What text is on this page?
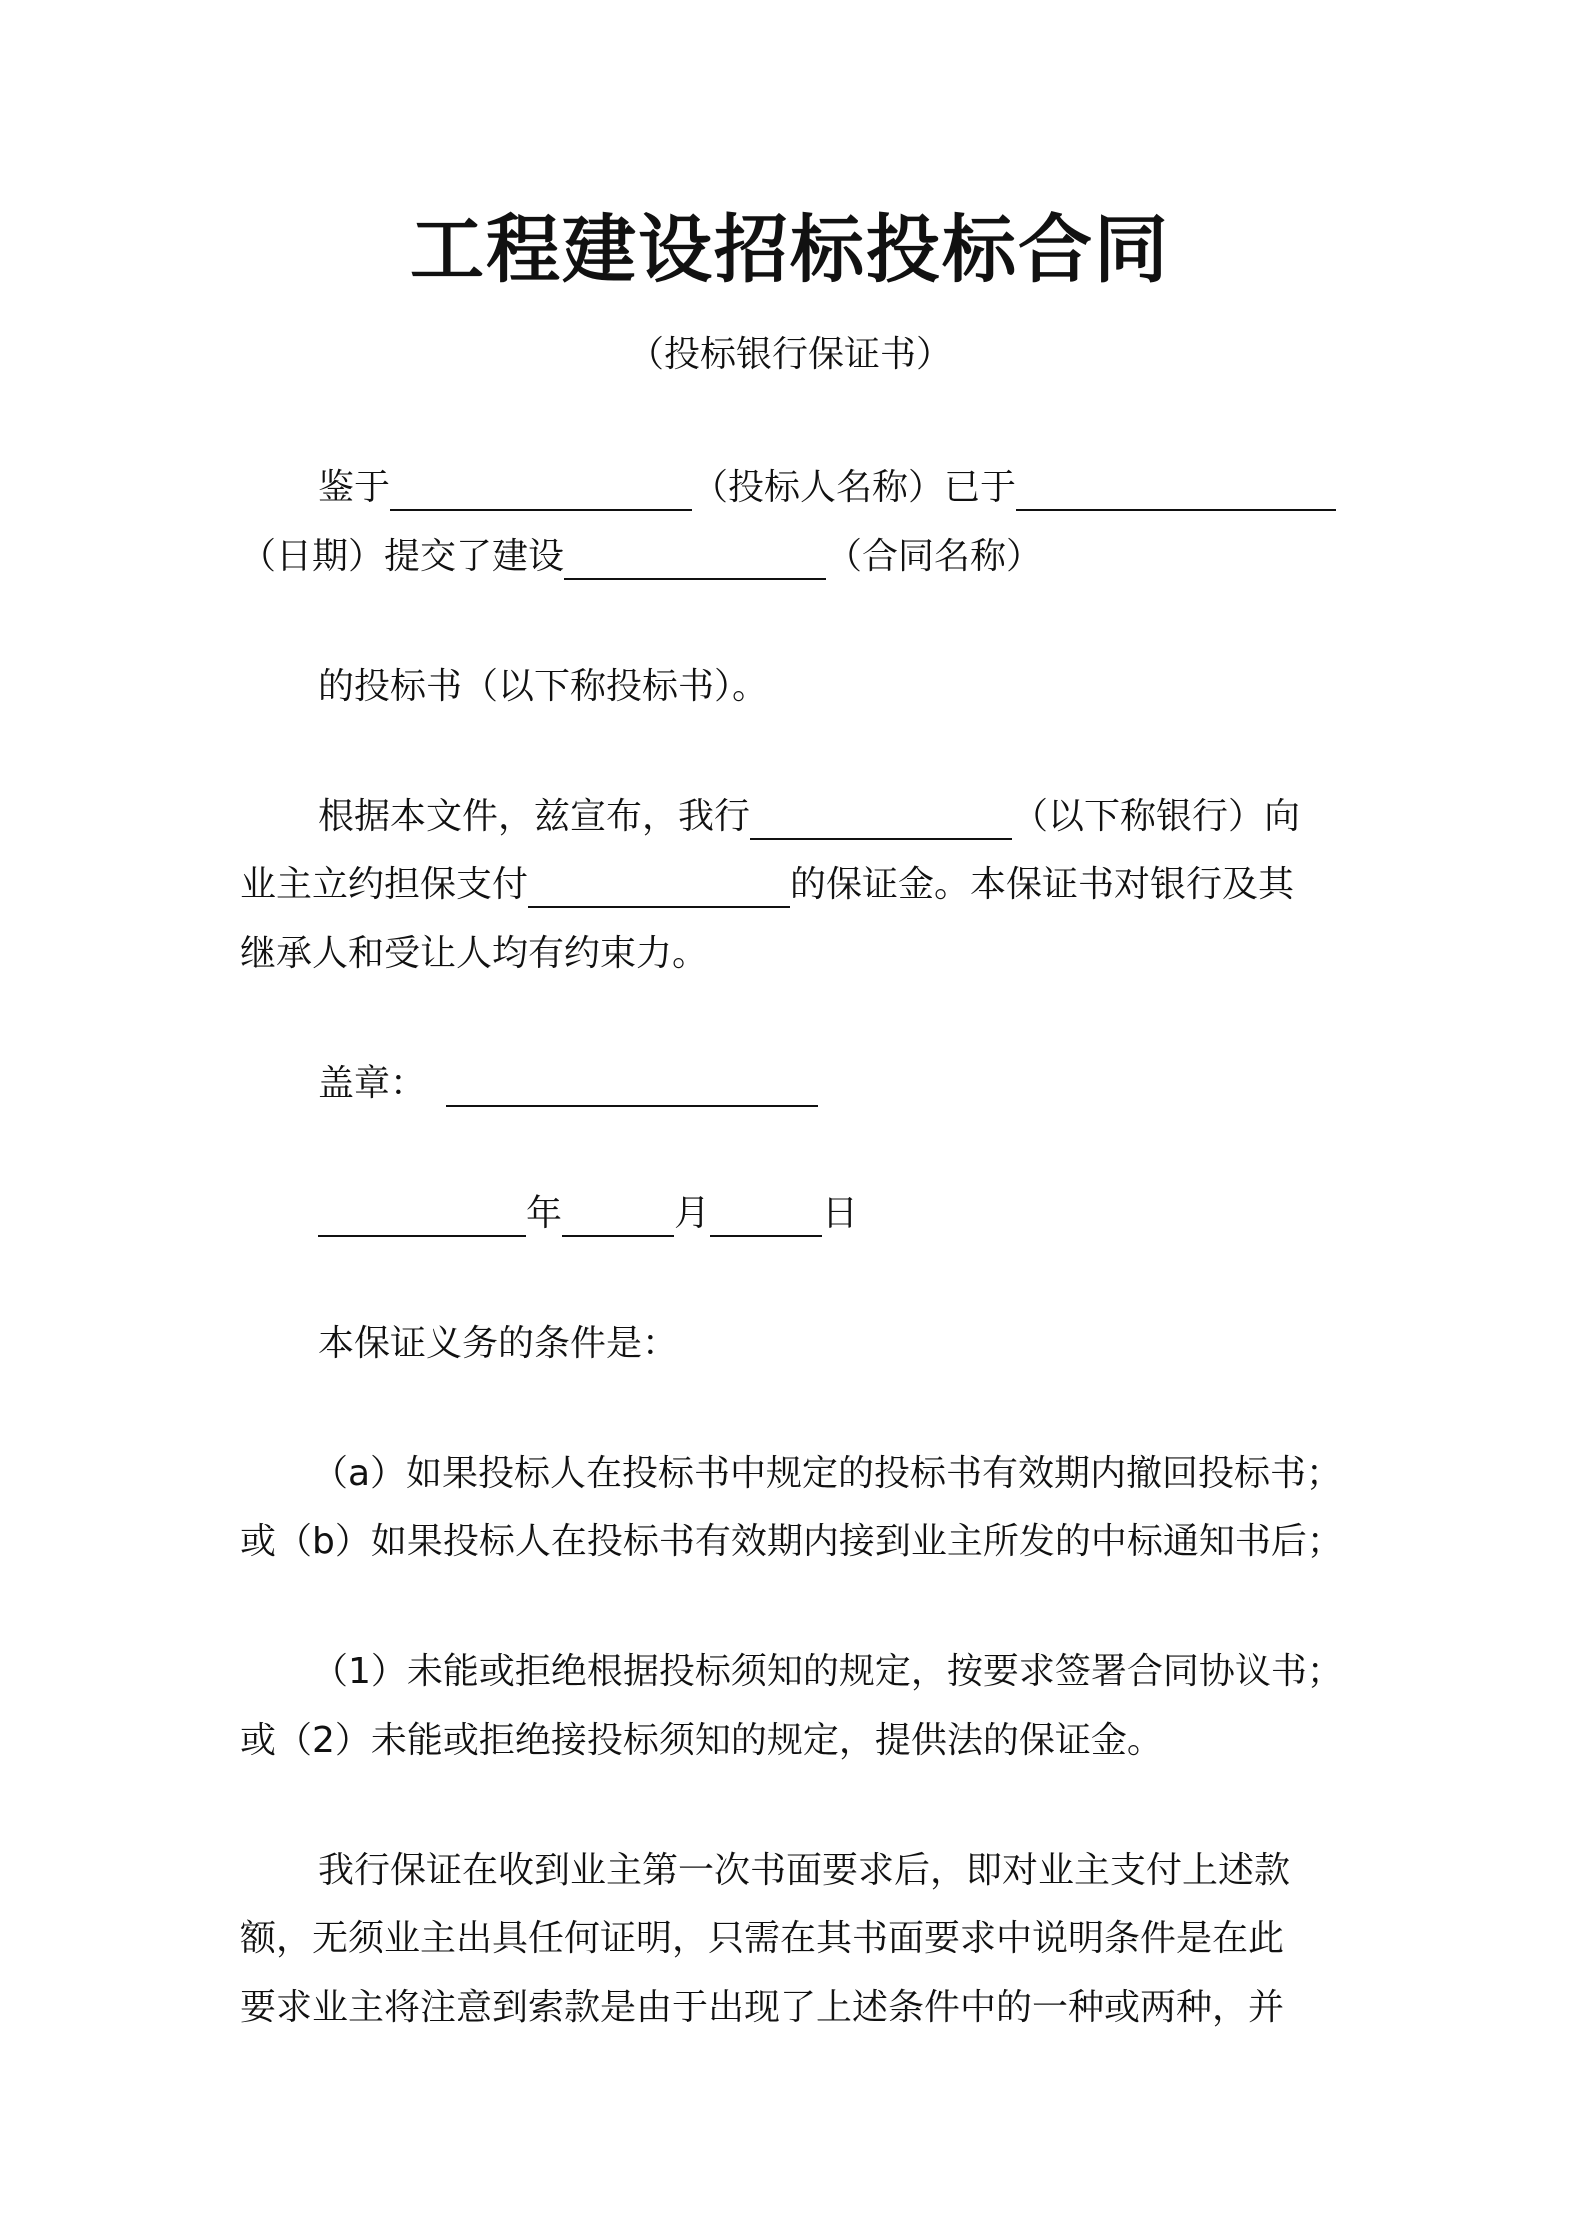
工程建设招标投标合同
（投标银行保证书）
鉴于	（投标人名称）已于
（日期）提交了建设	（合同名称）
的投标书（以下称投标书）。
根据本文件，兹宣布，我行	（以下称银行）向
业主立约担保支付	的保证金。本保证书对银行及其
继承人和受让人均有约束力。
盖章：
年	月	日
本保证义务的条件是：
（a）如果投标人在投标书中规定的投标书有效期内撤回投标书；
或（b）如果投标人在投标书有效期内接到业主所发的中标通知书后；
（1）未能或拒绝根据投标须知的规定，按要求签署合同协议书；
或（2）未能或拒绝接投标须知的规定，提供法的保证金。
我行保证在收到业主第一次书面要求后，即对业主支付上述款
额，无须业主出具任何证明，只需在其书面要求中说明条件是在此
要求业主将注意到索款是由于出现了上述条件中的一种或两种，并
